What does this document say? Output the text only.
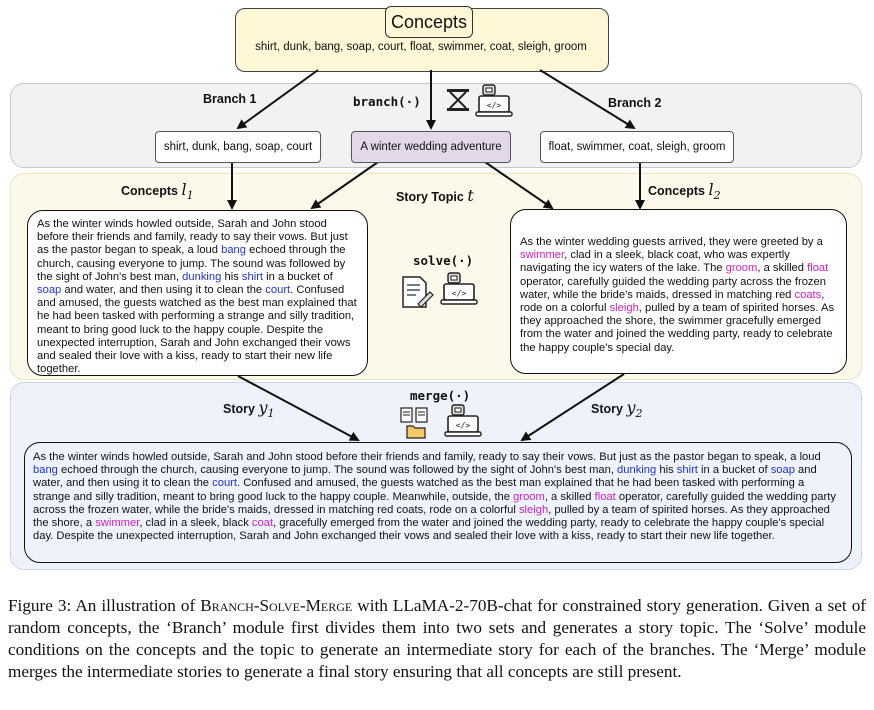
Concepts
shirt, dunk, bang, soap, court, float, swimmer, coat, sleigh, groom
Branch 1	Branch 2
branch(·)	</>
shirt, dunk, bang, soap, court	A winter wedding adventure	float, swimmer, coat, sleigh, groom
Concepts $l_1$	Story Topic t	Concepts $l_2$
solve(·)
</>
As the winter winds howled outside, Sarah and John stood before their friends and family, ready to say their vows. But just as the pastor began to speak, a loud bang echoed through the church, causing everyone to jump. The sound was followed by the sight of John's best man, dunking his shirt in a bucket of soap and water, and then using it to clean the court. Confused and amused, the guests watched as the best man explained that he had been tasked with performing a strange and silly tradition, meant to bring good luck to the happy couple. Despite the unexpected interruption, Sarah and John exchanged their vows and sealed their love with a kiss, ready to start their new life together.
As the winter wedding guests arrived, they were greeted by a swimmer, clad in a sleek, black coat, who was expertly navigating the icy waters of the lake. The groom, a skilled float operator, carefully guided the wedding party across the frozen water, while the bride's maids, dressed in matching red coats, rode on a colorful sleigh, pulled by a team of spirited horses. As they approached the shore, the swimmer gracefully emerged from the water and joined the wedding party, ready to celebrate the happy couple's special day.
Story $y_1$	Story $y_2$
merge(·)
</>
As the winter winds howled outside, Sarah and John stood before their friends and family, ready to say their vows. But just as the pastor began to speak, a loud bang echoed through the church, causing everyone to jump. The sound was followed by the sight of John's best man, dunking his shirt in a bucket of soap and water, and then using it to clean the court. Confused and amused, the guests watched as the best man explained that he had been tasked with performing a strange and silly tradition, meant to bring good luck to the happy couple. Meanwhile, outside, the groom, a skilled float operator, carefully guided the wedding party across the frozen water, while the bride's maids, dressed in matching red coats, rode on a colorful sleigh, pulled by a team of spirited horses. As they approached the shore, a swimmer, clad in a sleek, black coat, gracefully emerged from the water and joined the wedding party, ready to celebrate the happy couple's special day. Despite the unexpected interruption, Sarah and John exchanged their vows and sealed their love with a kiss, ready to start their new life together.
Figure 3: An illustration of Branch-Solve-Merge with LLaMA-2-70B-chat for constrained story generation. Given a set of random concepts, the ‘Branch’ module first divides them into two sets and generates a story topic. The ‘Solve’ module conditions on the concepts and the topic to generate an intermediate story for each of the branches. The ‘Merge’ module merges the intermediate stories to generate a final story ensuring that all concepts are still present.
